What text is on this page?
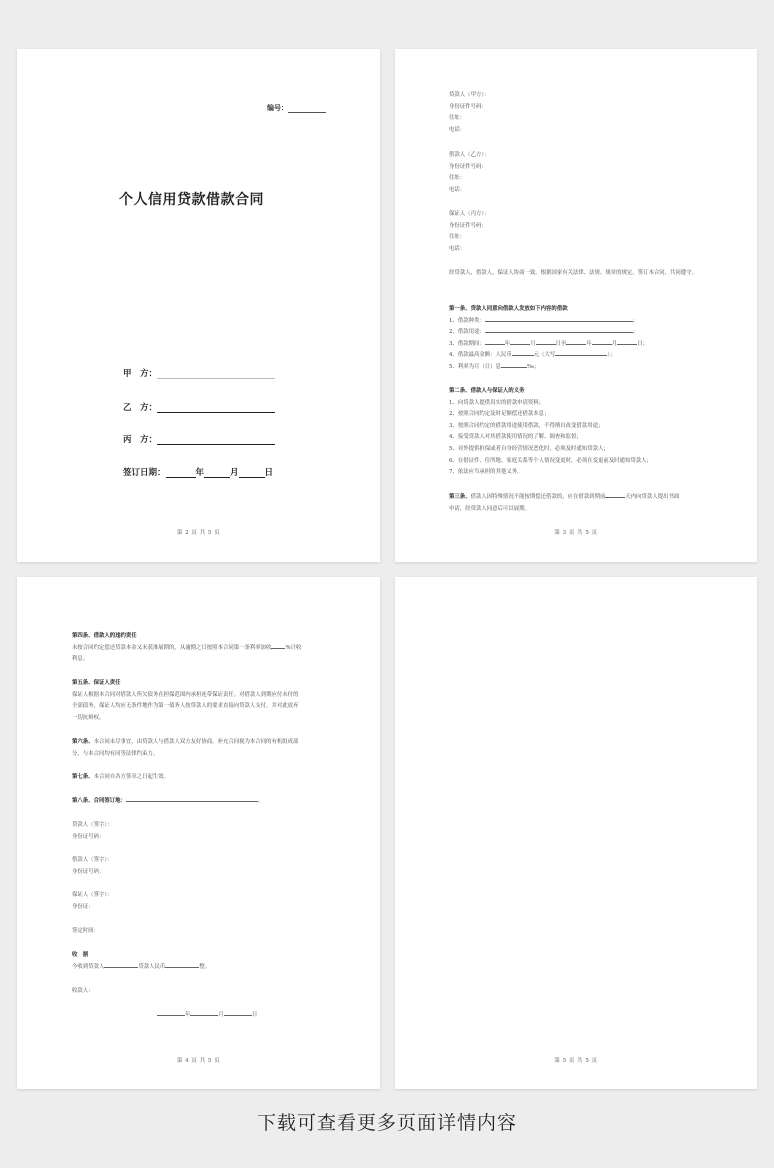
编号：
个人信用贷款借款合同
甲　方：
乙　方：
丙　方：
签订日期：	年	月	日
第 2 页 共 5 页

贷款人（甲方）：
身份证件号码：
住址：
电话：
借款人（乙方）：
身份证件号码：
住址：
电话：
保证人（丙方）：
身份证件号码：
住址：
电话：
经贷款人，借款人，保证人协商一致，根据国家有关法律、法规、规章的规定，签订本合同，共同遵守。
第一条、贷款人同意向借款人发放如下内容的借款
1、借款种类：	；
2、借款用途：	；
3、借款期间：	年	月	日至	年	月	日；
4、借款最高金额：人民币	元（大写	）；
5、利率为月（日）息	‰；
第二条、借款人与保证人的义务
1、向贷款人提供真实的借款申请资料；
2、按照合同约定及时足额偿还借款本息；
3、按照合同约定的借款用途使用借款，不得擅自改变借款用途；
4、接受贷款人对其借款使用情况的了解、调查和监督；
5、对外提供担保或者自身经营情况恶化时，必须及时通知贷款人；
6、在借证件、住所地、家庭关系等个人情况变更时，必须在变更前及时通知贷款人；
7、依法应当承担的其他义务。
第三条、借款人因特殊情况不能按期偿还借款的，应在借款到期前	天内向贷款人提出书面
申请，经贷款人同意后可以展期。
第 3 页 共 5 页
第四条、借款人的违约责任
未按合同约定偿还贷款本金又未获准展期的，从逾期之日按照本合同第一条利率加收	%计收
利息。
第五条、保证人责任
保证人根据本合同对借款人所欠债务在担保范围内承担连带保证责任。对借款人到期应付未付的
全部债务，保证人均应无条件地作为第一债务人按贷款人的要求直接向贷款人支付，并对此放弃
一切抗辩权。
第六条、本合同未尽事宜，由贷款人与借款人双方友好协商，补充合同视为本合同的有机组成部
分，与本合同均有同等法律约束力。
第七条、本合同自各方签章之日起生效。
第八条、合同签订地：	。
贷款人（签字）：
身份证号码：
借款人（签字）：
身份证号码：
保证人（签字）：
身份证：
签定时间：
收　据
今收到贷款人	贷款人民币	整。
收款人：
年	月	日
第 4 页 共 5 页	第 5 页 共 5 页
下载可查看更多页面详情内容
